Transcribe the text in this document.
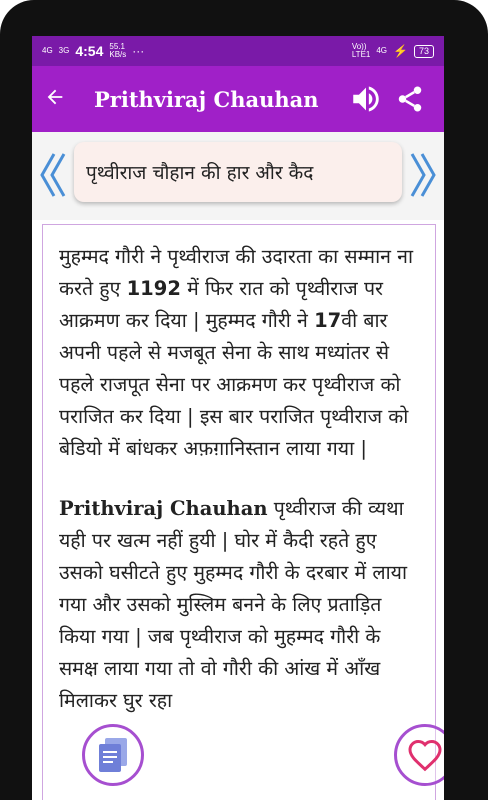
4G 3G 4:54 55.1
KB/s ···	Vo))
LTE1 4G ⚡	73
Prithviraj Chauhan
पृथ्वीराज चौहान की हार और कैद

मुहम्मद गौरी ने पृथ्वीराज की उदारता का सम्मान ना करते हुए 1192 में फिर रात को पृथ्वीराज पर आक्रमण कर दिया | मुहम्मद गौरी ने 17वी बार अपनी पहले से मजबूत सेना के साथ मध्यांतर से पहले राजपूत सेना पर आक्रमण कर पृथ्वीराज को पराजित कर दिया | इस बार पराजित पृथ्वीराज को बेडियो में बांधकर अफ़ग़ानिस्तान लाया गया |

Prithviraj Chauhan पृथ्वीराज की व्यथा यही पर खत्म नहीं हुयी | घोर में कैदी रहते हुए उसको घसीटते हुए मुहम्मद गौरी के दरबार में लाया गया और उसको मुस्लिम बनने के लिए प्रताड़ित किया गया | जब पृथ्वीराज को मुहम्मद गौरी के समक्ष लाया गया तो वो गौरी की आंख में आँख मिलाकर घुर रहा
